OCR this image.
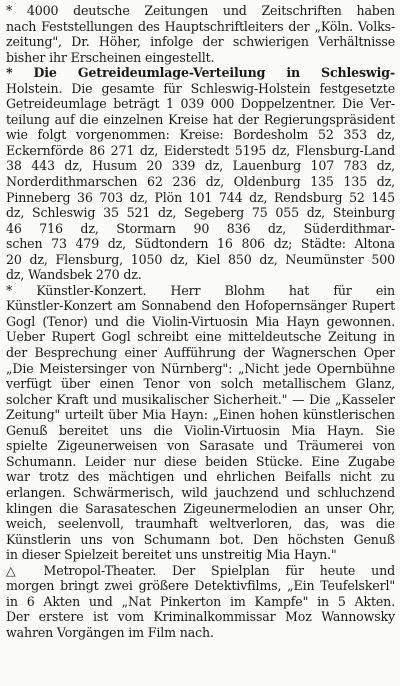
* 4000 deutsche Zeitungen und Zeitschriften haben
nach Feststellungen des Hauptschriftleiters der „Köln. Volks-
zeitung", Dr. Höher, infolge der schwierigen Verhältnisse
bisher ihr Erscheinen eingestellt.
* Die Getreideumlage-Verteilung in Schleswig-
Holstein. Die gesamte für Schleswig-Holstein festgesetzte
Getreideumlage beträgt 1 039 000 Doppelzentner. Die Ver-
teilung auf die einzelnen Kreise hat der Regierungspräsident
wie folgt vorgenommen: Kreise: Bordesholm 52 353 dz,
Eckernförde 86 271 dz, Eiderstedt 5195 dz, Flensburg-Land
38 443 dz, Husum 20 339 dz, Lauenburg 107 783 dz,
Norderdithmarschen 62 236 dz, Oldenburg 135 135 dz,
Pinneberg 36 703 dz, Plön 101 744 dz, Rendsburg 52 145
dz, Schleswig 35 521 dz, Segeberg 75 055 dz, Steinburg
46 716 dz, Stormarn 90 836 dz, Süderdithmar-
schen 73 479 dz, Südtondern 16 806 dz; Städte: Altona
20 dz, Flensburg, 1050 dz, Kiel 850 dz, Neumünster 500
dz, Wandsbek 270 dz.
* Künstler-Konzert. Herr Blohm hat für ein
Künstler-Konzert am Sonnabend den Hofopernsänger Rupert
Gogl (Tenor) und die Violin-Virtuosin Mia Hayn gewonnen.
Ueber Rupert Gogl schreibt eine mitteldeutsche Zeitung in
der Besprechung einer Aufführung der Wagnerschen Oper
„Die Meistersinger von Nürnberg": „Nicht jede Opernbühne
verfügt über einen Tenor von solch metallischem Glanz,
solcher Kraft und musikalischer Sicherheit." — Die „Kasseler
Zeitung" urteilt über Mia Hayn: „Einen hohen künstlerischen
Genuß bereitet uns die Violin-Virtuosin Mia Hayn. Sie
spielte Zigeunerweisen von Sarasate und Träumerei von
Schumann. Leider nur diese beiden Stücke. Eine Zugabe
war trotz des mächtigen und ehrlichen Beifalls nicht zu
erlangen. Schwärmerisch, wild jauchzend und schluchzend
klingen die Sarasateschen Zigeunermelodien an unser Ohr,
weich, seelenvoll, traumhaft weltverloren, das, was die
Künstlerin uns von Schumann bot. Den höchsten Genuß
in dieser Spielzeit bereitet uns unstreitig Mia Hayn."
△ Metropol-Theater. Der Spielplan für heute und
morgen bringt zwei größere Detektivfilms, „Ein Teufelskerl"
in 6 Akten und „Nat Pinkerton im Kampfe" in 5 Akten.
Der erstere ist vom Kriminalkommissar Moz Wannowsky
wahren Vorgängen im Film nach.
